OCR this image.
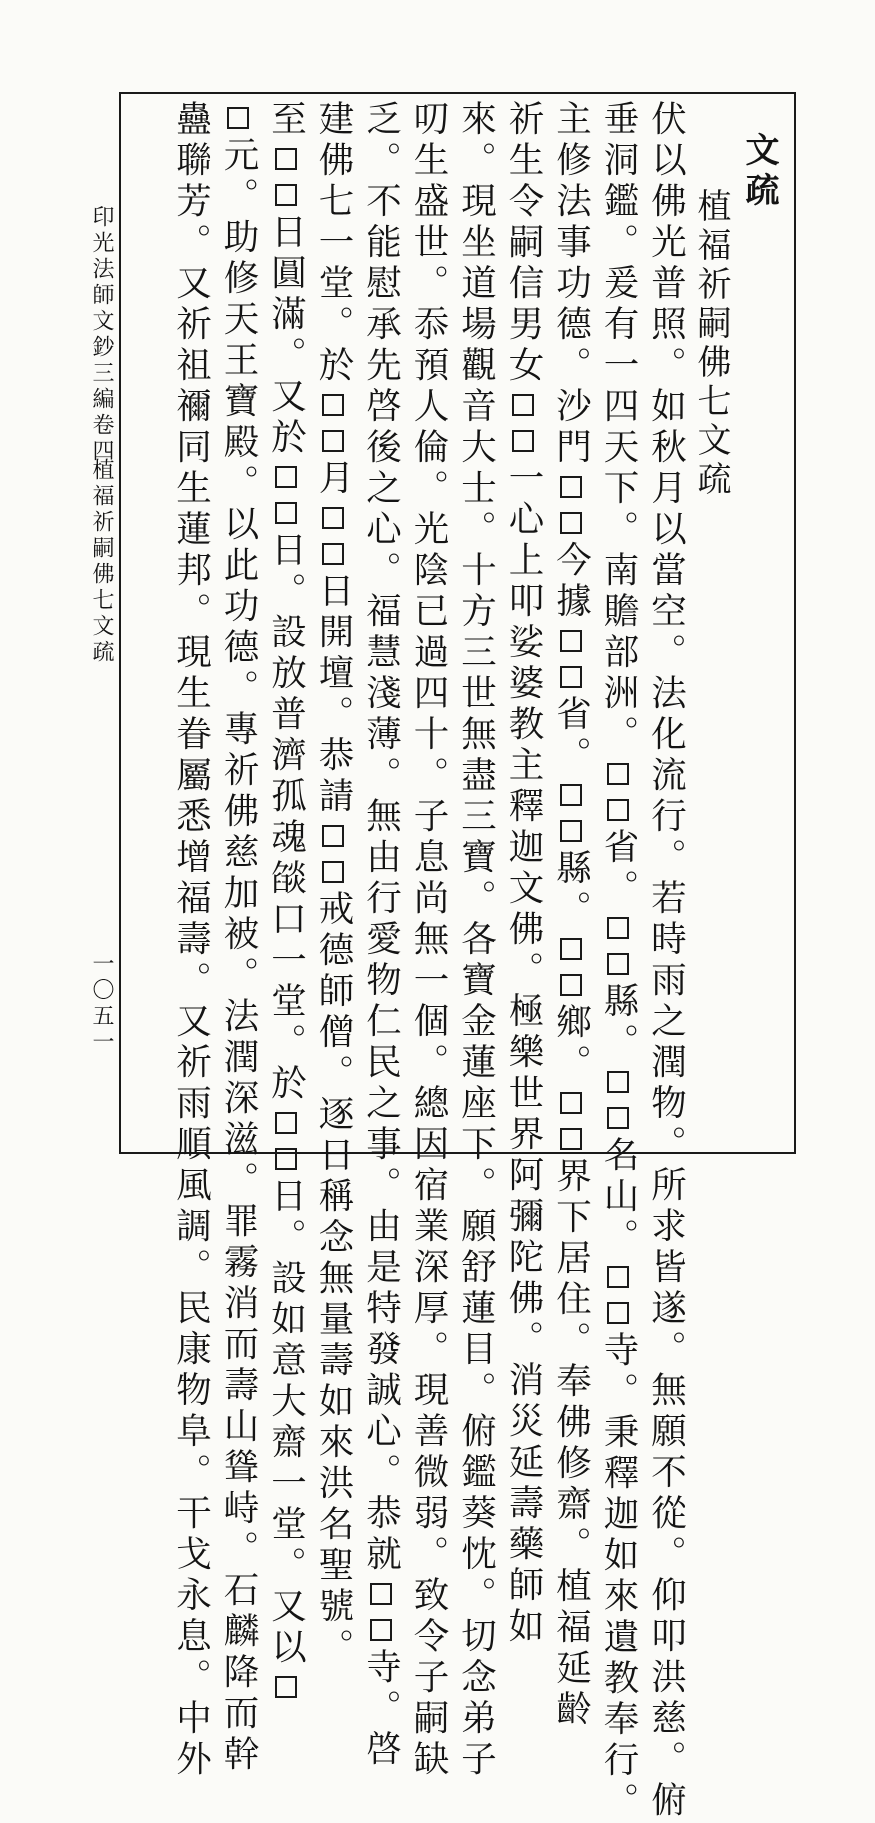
文疏
植福祈嗣佛七文疏
伏以佛光普照。如秋月以當空。法化流行。若時雨之潤物。所求皆遂。無願不從。仰叩洪慈。俯
垂洞鑑。爰有一四天下。南贍部洲。省。縣。名山。寺。秉釋迦如來遺教奉行。
主修法事功德。沙門今據省。縣。鄉。界下居住。奉佛修齋。植福延齡
祈生令嗣信男女一心上叩娑婆教主釋迦文佛。極樂世界阿彌陀佛。消災延壽藥師如
來。現坐道場觀音大士。十方三世無盡三寶。各寶金蓮座下。願舒蓮目。俯鑑葵忱。切念弟子
叨生盛世。忝預人倫。光陰已過四十。子息尚無一個。總因宿業深厚。現善微弱。致令子嗣缺
乏。不能慰承先啓後之心。福慧淺薄。無由行愛物仁民之事。由是特發誠心。恭就寺。啓
建佛七一堂。於月日開壇。恭請戒德師僧。逐日稱念無量壽如來洪名聖號。
至日圓滿。又於日。設放普濟孤魂燄口一堂。於日。設如意大齋一堂。又以
元。助修天王寶殿。以此功德。專祈佛慈加被。法潤深滋。罪霧消而壽山聳峙。石麟降而幹
蠱聯芳。又祈祖禰同生蓮邦。現生眷屬悉增福壽。又祈雨順風調。民康物阜。干戈永息。中外
印光法師文鈔三編卷四
植福祈嗣佛七文疏
一〇五一
